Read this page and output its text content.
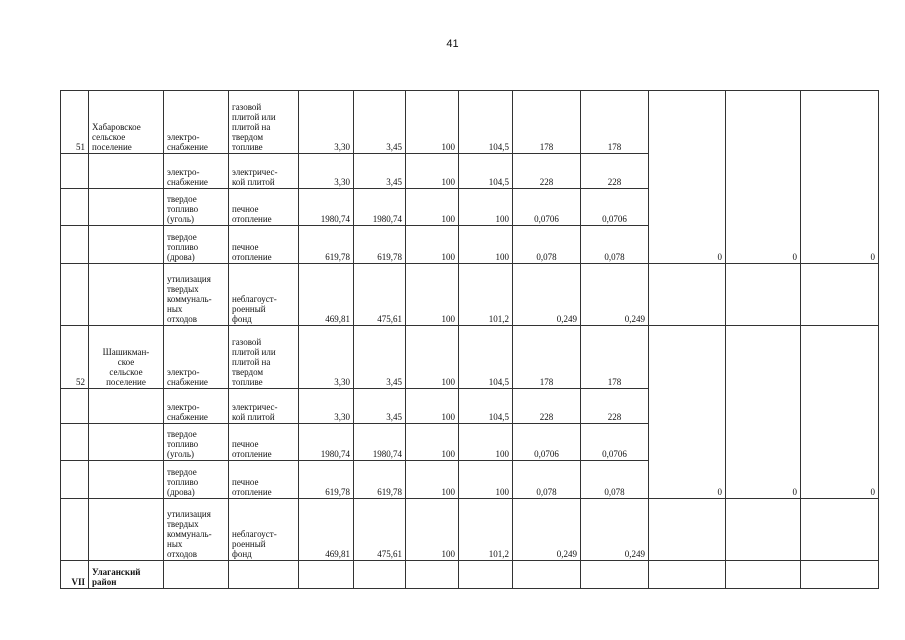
41
51	Хабаровское
сельское
поселение	электро-
снабжение	газовой
плитой или
плитой на
твердом
топливе	3,30	3,45	100	104,5	178	178	0	0	0
		электро-
снабжение	электричес-
кой плитой	3,30	3,45	100	104,5	228	228			
		твердое
топливо
(уголь)	печное
отопление	1980,74	1980,74	100	100	0,0706	0,0706			
		твердое
топливо
(дрова)	печное
отопление	619,78	619,78	100	100	0,078	0,078			
		утилизация
твердых
коммуналь-
ных
отходов	неблагоуст-
роенный
фонд	469,81	475,61	100	101,2	0,249	0,249			
52	Шашикман-
ское
сельское
поселение	электро-
снабжение	газовой
плитой или
плитой на
твердом
топливе	3,30	3,45	100	104,5	178	178	0	0	0
		электро-
снабжение	электричес-
кой плитой	3,30	3,45	100	104,5	228	228			
		твердое
топливо
(уголь)	печное
отопление	1980,74	1980,74	100	100	0,0706	0,0706			
		твердое
топливо
(дрова)	печное
отопление	619,78	619,78	100	100	0,078	0,078			
		утилизация
твердых
коммуналь-
ных
отходов	неблагоуст-
роенный
фонд	469,81	475,61	100	101,2	0,249	0,249			
VII	Улаганский
район											
